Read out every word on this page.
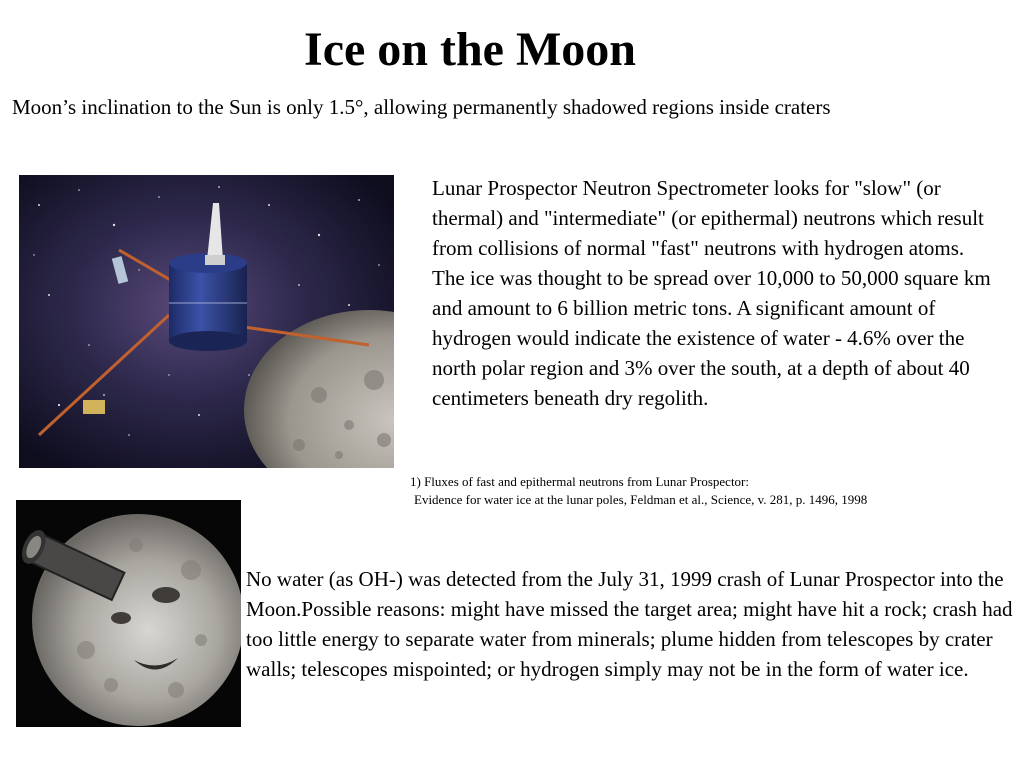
Ice on the Moon
Moon’s inclination to the Sun is only 1.5°, allowing permanently shadowed regions inside craters
Lunar Prospector Neutron Spectrometer looks for "slow" (or thermal) and "intermediate" (or epithermal) neutrons which result from collisions of normal "fast" neutrons with hydrogen atoms. The ice was thought to be spread over 10,000 to 50,000 square km and amount to 6 billion metric tons. A significant amount of hydrogen would indicate the existence of water - 4.6% over the north polar region and 3% over the south, at a depth of about 40 centimeters beneath dry regolith.
1) Fluxes of fast and epithermal neutrons from Lunar Prospector:
Evidence for water ice at the lunar poles, Feldman et al., Science, v. 281, p. 1496, 1998
No water (as OH-) was detected from the July 31, 1999 crash of Lunar Prospector into the Moon.Possible reasons: might have missed the target area; might have hit a rock; crash had too little energy to separate water from minerals; plume hidden from telescopes by crater walls; telescopes mispointed; or hydrogen simply may not be in the form of water ice.
